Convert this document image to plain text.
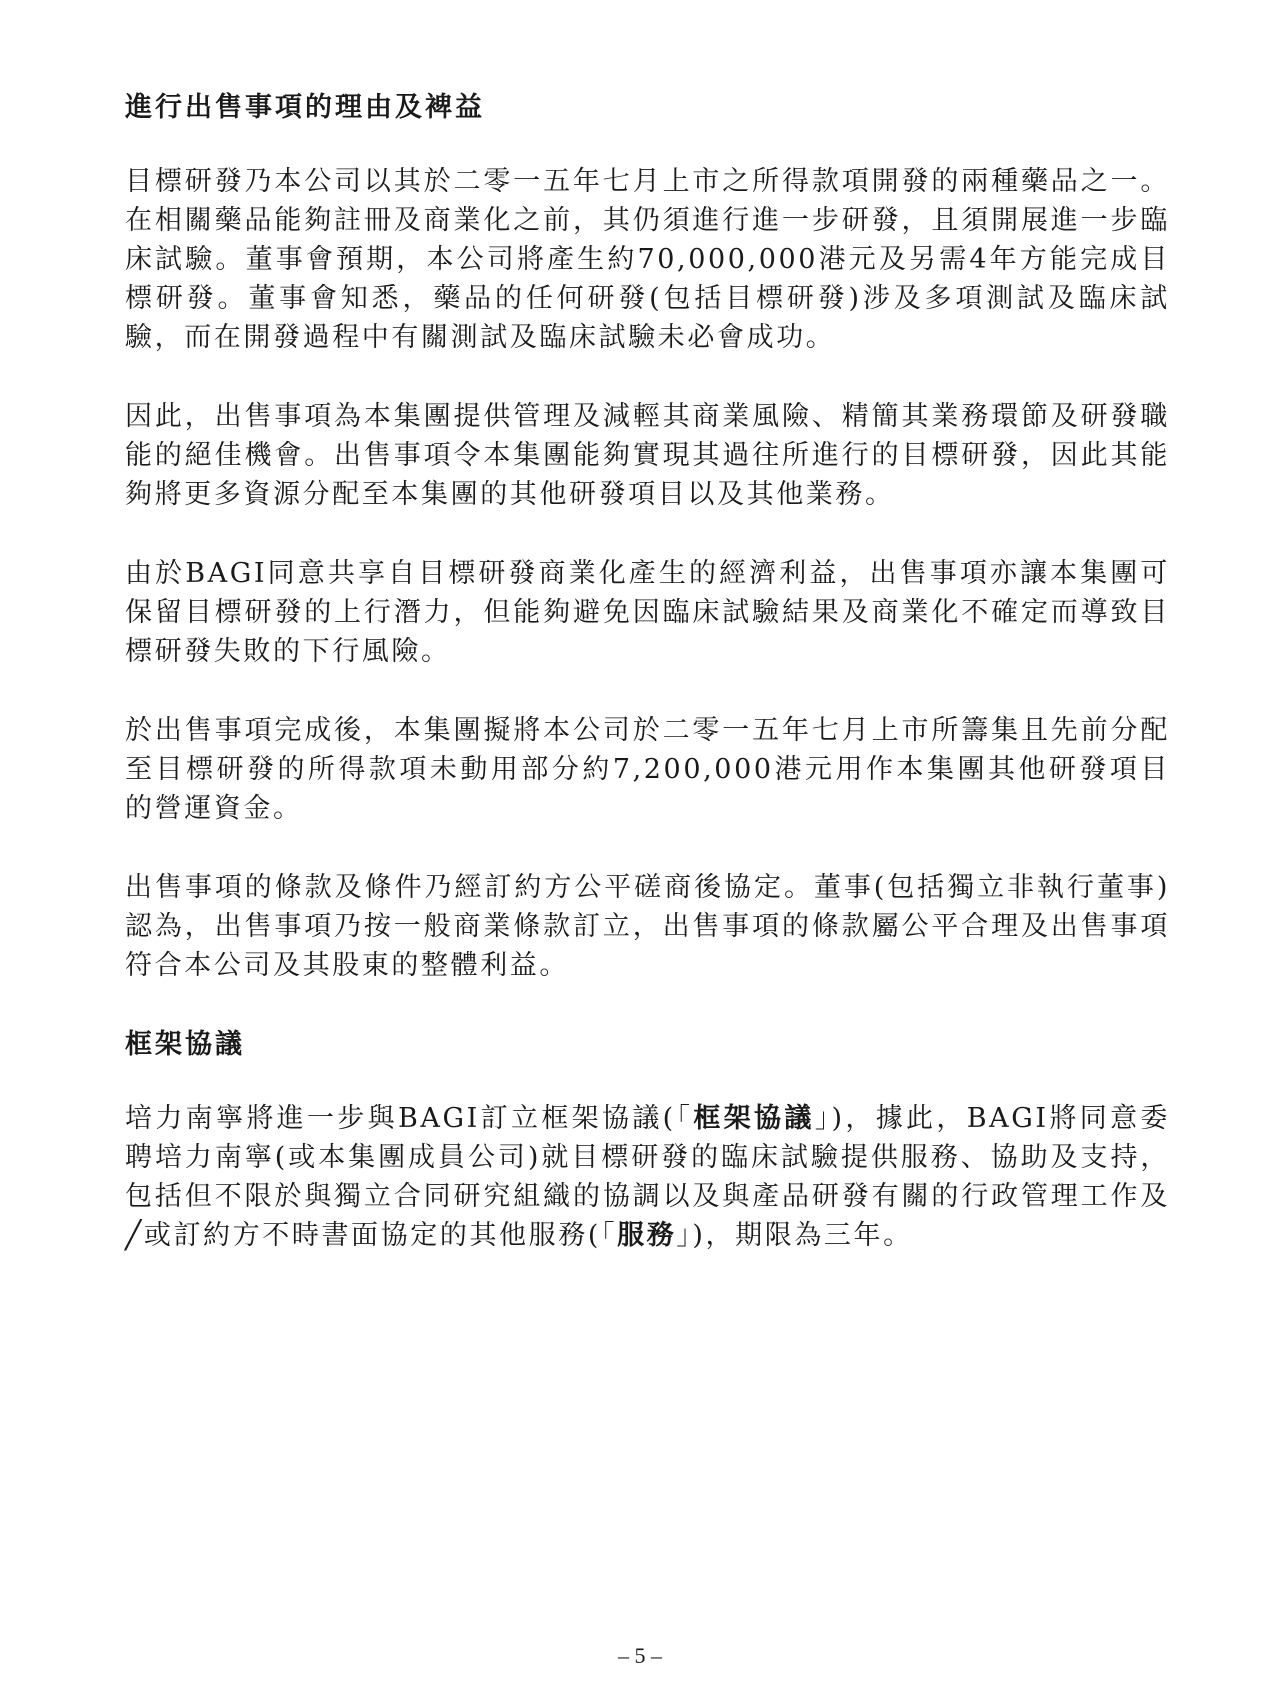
進行出售事項的理由及裨益

目標研發乃本公司以其於二零一五年七月上市之所得款項開發的兩種藥品之一。在相關藥品能夠註冊及商業化之前，其仍須進行進一步研發，且須開展進一步臨床試驗。董事會預期，本公司將產生約70,000,000港元及另需4年方能完成目標研發。董事會知悉，藥品的任何研發(包括目標研發)涉及多項測試及臨床試驗，而在開發過程中有關測試及臨床試驗未必會成功。

因此，出售事項為本集團提供管理及減輕其商業風險、精簡其業務環節及研發職能的絕佳機會。出售事項令本集團能夠實現其過往所進行的目標研發，因此其能夠將更多資源分配至本集團的其他研發項目以及其他業務。

由於BAGI同意共享自目標研發商業化產生的經濟利益，出售事項亦讓本集團可保留目標研發的上行潛力，但能夠避免因臨床試驗結果及商業化不確定而導致目標研發失敗的下行風險。

於出售事項完成後，本集團擬將本公司於二零一五年七月上市所籌集且先前分配至目標研發的所得款項未動用部分約7,200,000港元用作本集團其他研發項目的營運資金。

出售事項的條款及條件乃經訂約方公平磋商後協定。董事(包括獨立非執行董事)認為，出售事項乃按一般商業條款訂立，出售事項的條款屬公平合理及出售事項符合本公司及其股東的整體利益。

框架協議

培力南寧將進一步與BAGI訂立框架協議(「框架協議」)，據此，BAGI將同意委聘培力南寧(或本集團成員公司)就目標研發的臨床試驗提供服務、協助及支持，包括但不限於與獨立合同研究組織的協調以及與產品研發有關的行政管理工作及╱或訂約方不時書面協定的其他服務(「服務」)，期限為三年。

– 5 –
